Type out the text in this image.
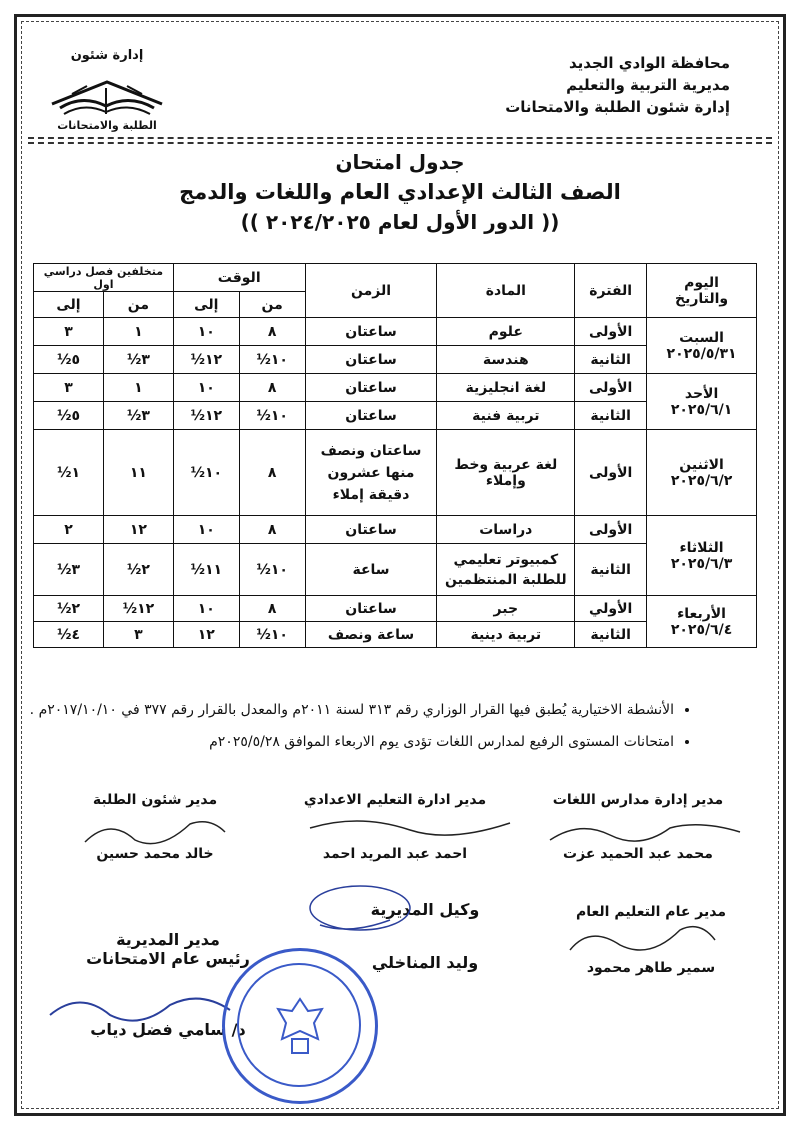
محافظة الوادي الجديد
مديرية التربية والتعليم
إدارة شئون الطلبة والامتحانات
إدارة شئون
الطلبة والامتحانات
جدول امتحان
الصف الثالث الإعدادي العام واللغات والدمج
(( الدور الأول لعام ٢٠٢٤/٢٠٢٥ ))
اليوم
والتاريخ	الفترة	المادة	الزمن	الوقت		متخلفين فصل دراسي اول	
				من	إلى	من	إلى
السبت
٢٠٢٥/٥/٣١	الأولى	علوم	ساعتان	٨	١٠	١	٣
	الثانية	هندسة	ساعتان	١٠½	١٢½	٣½	٥½
الأحد
٢٠٢٥/٦/١	الأولى	لغة انجليزية	ساعتان	٨	١٠	١	٣
	الثانية	تربية فنية	ساعتان	١٠½	١٢½	٣½	٥½
الاثنين
٢٠٢٥/٦/٢	الأولى	لغة عربية وخط وإملاء	ساعتان ونصف منها عشرون دقيقة إملاء	٨	١٠½	١١	١½
الثلاثاء
٢٠٢٥/٦/٣	الأولى	دراسات	ساعتان	٨	١٠	١٢	٢
	الثانية	كمبيوتر تعليمي للطلبة المنتظمين	ساعة	١٠½	١١½	٢½	٣½
الأربعاء
٢٠٢٥/٦/٤	الأولي	جبر	ساعتان	٨	١٠	١٢½	٢½
	الثانية	تربية دينية	ساعة ونصف	١٠½	١٢	٣	٤½
• الأنشطة الاختيارية يُطبق فيها القرار الوزاري رقم ٣١٣ لسنة ٢٠١١م والمعدل بالقرار رقم ٣٧٧ في ٢٠١٧/١٠/١٠م .
• امتحانات المستوى الرفيع لمدارس اللغات تؤدى يوم الاربعاء الموافق ٢٠٢٥/٥/٢٨م
مدير إدارة مدارس اللغات
محمد عبد الحميد عزت
مدير ادارة التعليم الاعدادي
احمد عبد المريد احمد
مدير شئون الطلبة
خالد محمد حسين
مدير عام التعليم العام
سمير طاهر محمود
وكيل المديرية
وليد المناخلي
مدير المديرية
رئيس عام الامتحانات
د/ سامي فضل دياب
